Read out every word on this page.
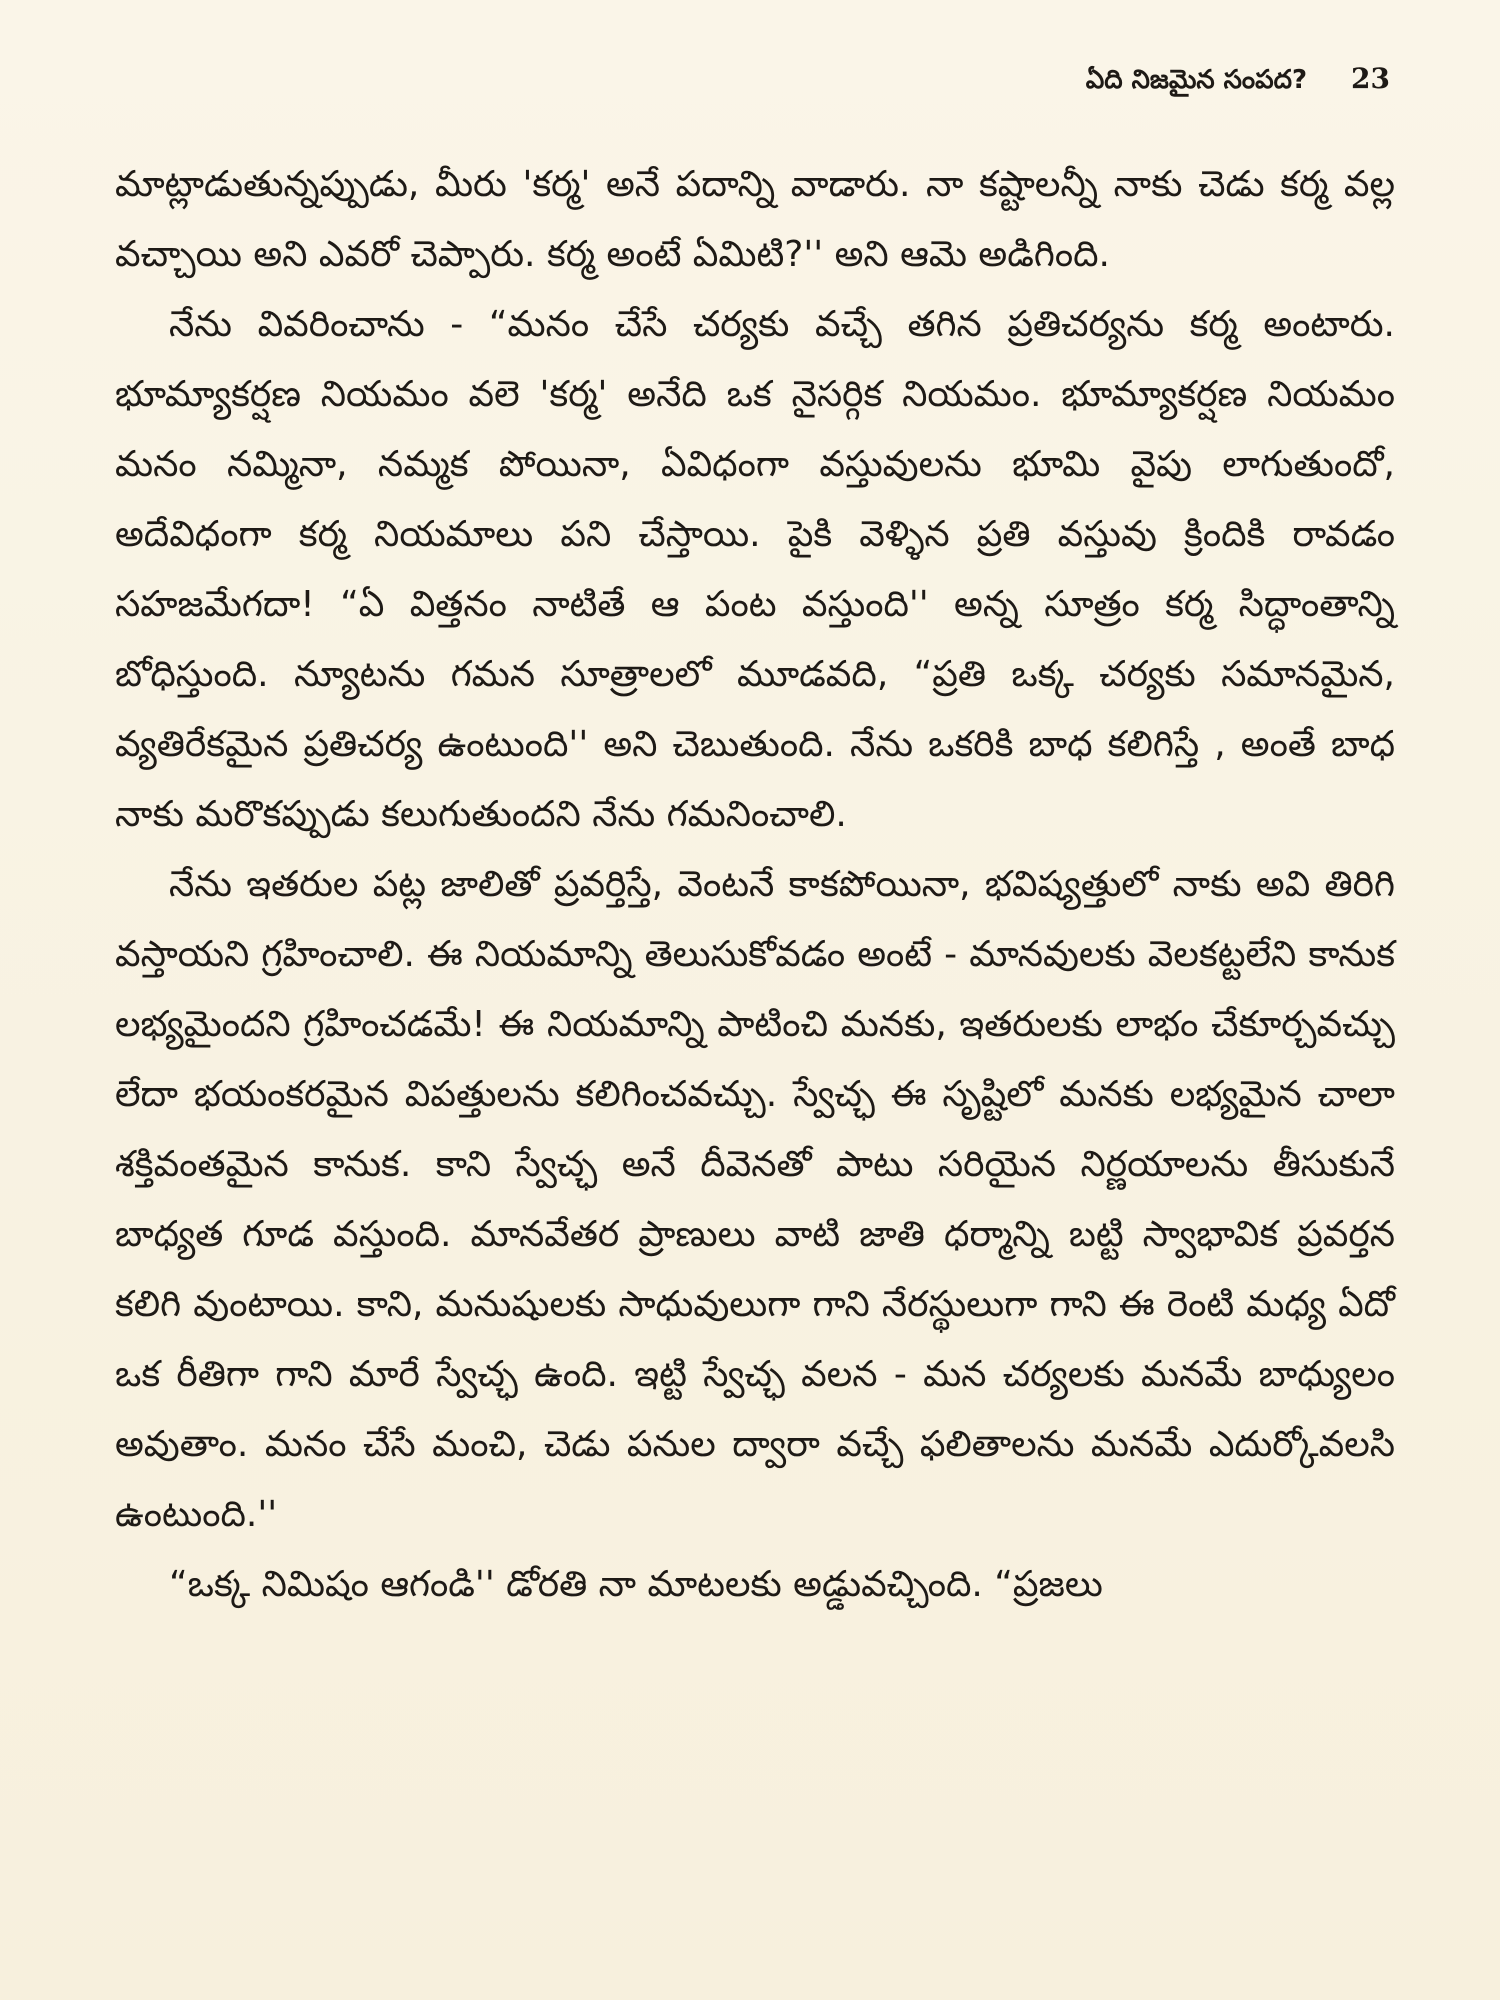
ఏది నిజమైన సంపద? 23

మాట్లాడుతున్నప్పుడు, మీరు 'కర్మ' అనే పదాన్ని వాడారు. నా కష్టాలన్నీ నాకు చెడు కర్మ వల్ల వచ్చాయి అని ఎవరో చెప్పారు. కర్మ అంటే ఏమిటి?'' అని ఆమె అడిగింది.

నేను వివరించాను - “మనం చేసే చర్యకు వచ్చే తగిన ప్రతిచర్యను కర్మ అంటారు. భూమ్యాకర్షణ నియమం వలె 'కర్మ' అనేది ఒక నైసర్గిక నియమం. భూమ్యాకర్షణ నియమం మనం నమ్మినా, నమ్మక పోయినా, ఏవిధంగా వస్తువులను భూమి వైపు లాగుతుందో, అదేవిధంగా కర్మ నియమాలు పని చేస్తాయి. పైకి వెళ్ళిన ప్రతి వస్తువు క్రిందికి రావడం సహజమేగదా! “ఏ విత్తనం నాటితే ఆ పంట వస్తుంది'' అన్న సూత్రం కర్మ సిద్ధాంతాన్ని బోధిస్తుంది. న్యూటను గమన సూత్రాలలో మూడవది, “ప్రతి ఒక్క చర్యకు సమానమైన, వ్యతిరేకమైన ప్రతిచర్య ఉంటుంది'' అని చెబుతుంది. నేను ఒకరికి బాధ కలిగిస్తే , అంతే బాధ నాకు మరొకప్పుడు కలుగుతుందని నేను గమనించాలి.

నేను ఇతరుల పట్ల జాలితో ప్రవర్తిస్తే, వెంటనే కాకపోయినా, భవిష్యత్తులో నాకు అవి తిరిగి వస్తాయని గ్రహించాలి. ఈ నియమాన్ని తెలుసుకోవడం అంటే - మానవులకు వెలకట్టలేని కానుక లభ్యమైందని గ్రహించడమే! ఈ నియమాన్ని పాటించి మనకు, ఇతరులకు లాభం చేకూర్చవచ్చు లేదా భయంకరమైన విపత్తులను కలిగించవచ్చు. స్వేచ్ఛ ఈ సృష్టిలో మనకు లభ్యమైన చాలా శక్తివంతమైన కానుక. కాని స్వేచ్ఛ అనే దీవెనతో పాటు సరియైన నిర్ణయాలను తీసుకునే బాధ్యత గూడ వస్తుంది. మానవేతర ప్రాణులు వాటి జాతి ధర్మాన్ని బట్టి స్వాభావిక ప్రవర్తన కలిగి వుంటాయి. కాని, మనుషులకు సాధువులుగా గాని నేరస్థులుగా గాని ఈ రెంటి మధ్య ఏదో ఒక రీతిగా గాని మారే స్వేచ్ఛ ఉంది. ఇట్టి స్వేచ్ఛ వలన - మన చర్యలకు మనమే బాధ్యులం అవుతాం. మనం చేసే మంచి, చెడు పనుల ద్వారా వచ్చే ఫలితాలను మనమే ఎదుర్కోవలసి ఉంటుంది.''

“ఒక్క నిమిషం ఆగండి'' డోరతి నా మాటలకు అడ్డువచ్చింది. “ప్రజలు
